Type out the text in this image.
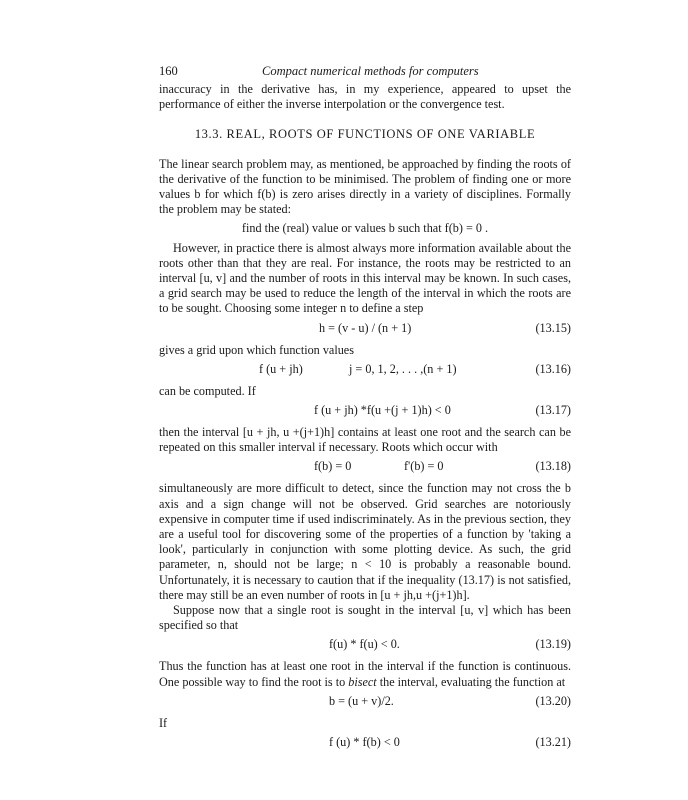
160	Compact numerical methods for computers

inaccuracy in the derivative has, in my experience, appeared to upset the performance of either the inverse interpolation or the convergence test.

13.3. REAL, ROOTS OF FUNCTIONS OF ONE VARIABLE

The linear search problem may, as mentioned, be approached by finding the roots of the derivative of the function to be minimised. The problem of finding one or more values b for which f(b) is zero arises directly in a variety of disciplines. Formally the problem may be stated:

find the (real) value or values b such that f(b) = 0 .

However, in practice there is almost always more information available about the roots other than that they are real. For instance, the roots may be restricted to an interval [u, v] and the number of roots in this interval may be known. In such cases, a grid search may be used to reduce the length of the interval in which the roots are to be sought. Choosing some integer n to define a step

h = (v - u) / (n + 1)	(13.15)

gives a grid upon which function values

f (u + jh)	j = 0, 1, 2, . . . ,(n + 1)	(13.16)

can be computed. If

f (u + jh) *f(u +(j + 1)h) < 0	(13.17)

then the interval [u + jh, u +(j+1)h] contains at least one root and the search can be repeated on this smaller interval if necessary. Roots which occur with

f(b) = 0	f'(b) = 0	(13.18)

simultaneously are more difficult to detect, since the function may not cross the b axis and a sign change will not be observed. Grid searches are notoriously expensive in computer time if used indiscriminately. As in the previous section, they are a useful tool for discovering some of the properties of a function by 'taking a look', particularly in conjunction with some plotting device. As such, the grid parameter, n, should not be large; n < 10 is probably a reasonable bound. Unfortunately, it is necessary to caution that if the inequality (13.17) is not satisfied, there may still be an even number of roots in [u + jh,u +(j+1)h].

Suppose now that a single root is sought in the interval [u, v] which has been specified so that

f(u) * f(u) < 0.	(13.19)

Thus the function has at least one root in the interval if the function is continuous. One possible way to find the root is to bisect the interval, evaluating the function at

b = (u + v)/2.	(13.20)

If

f (u) * f(b) < 0	(13.21)
